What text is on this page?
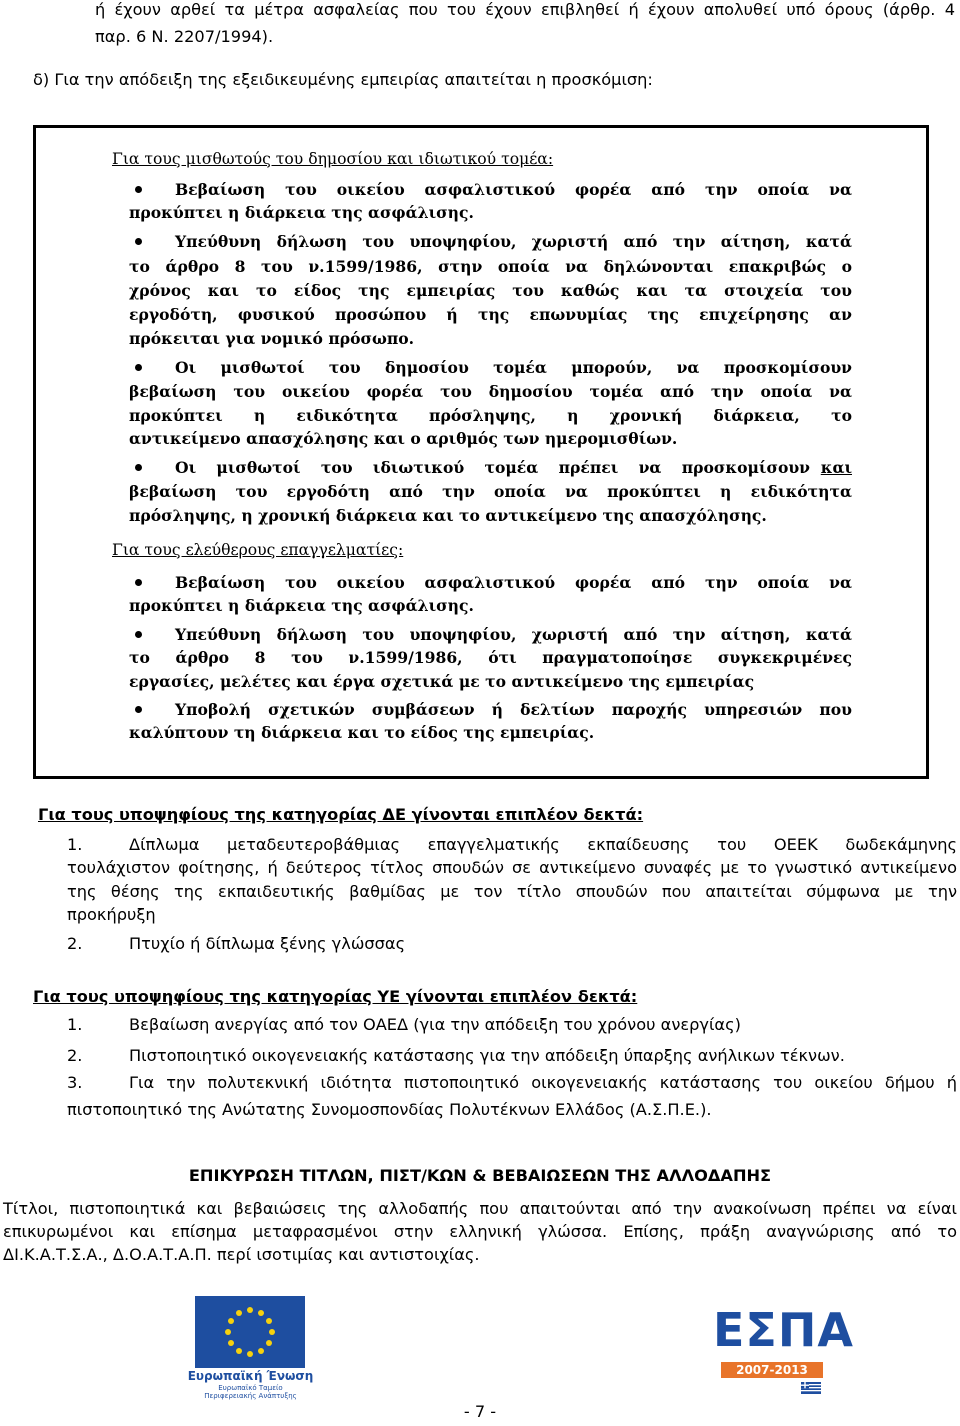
ή έχουν αρθεί τα μέτρα ασφαλείας που του έχουν επιβληθεί ή έχουν απολυθεί υπό όρους (άρθρ. 4
παρ. 6 Ν. 2207/1994).
δ) Για την απόδειξη της εξειδικευμένης εμπειρίας απαιτείται η προσκόμιση:
Για τους μισθωτούς του δημοσίου και ιδιωτικού τομέα:
Βεβαίωση του οικείου ασφαλιστικού φορέα από την οποία να
προκύπτει η διάρκεια της ασφάλισης.
Υπεύθυνη δήλωση του υποψηφίου, χωριστή από την αίτηση, κατά
το άρθρο 8 του ν.1599/1986, στην οποία να δηλώνονται επακριβώς ο
χρόνος και το είδος της εμπειρίας του καθώς και τα στοιχεία του
εργοδότη, φυσικού προσώπου ή της επωνυμίας της επιχείρησης αν
πρόκειται για νομικό πρόσωπο.
Οι μισθωτοί του δημοσίου τομέα μπορούν, να προσκομίσουν
βεβαίωση του οικείου φορέα του δημοσίου τομέα από την οποία να
προκύπτει η ειδικότητα πρόσληψης, η χρονική διάρκεια, το
αντικείμενο απασχόλησης και ο αριθμός των ημερομισθίων.
Οι μισθωτοί του ιδιωτικού τομέα πρέπει να προσκομίσουν και
βεβαίωση του εργοδότη από την οποία να προκύπτει η ειδικότητα
πρόσληψης, η χρονική διάρκεια και το αντικείμενο της απασχόλησης.
Για τους ελεύθερους επαγγελματίες:
Βεβαίωση του οικείου ασφαλιστικού φορέα από την οποία να
προκύπτει η διάρκεια της ασφάλισης.
Υπεύθυνη δήλωση του υποψηφίου, χωριστή από την αίτηση, κατά
το άρθρο 8 του ν.1599/1986, ότι πραγματοποίησε συγκεκριμένες
εργασίες, μελέτες και έργα σχετικά με το αντικείμενο της εμπειρίας
Υποβολή σχετικών συμβάσεων ή δελτίων παροχής υπηρεσιών που
καλύπτουν τη διάρκεια και το είδος της εμπειρίας.
Για τους υποψηφίους της κατηγορίας ΔΕ γίνονται επιπλέον δεκτά:
1.	Δίπλωμα μεταδευτεροβάθμιας επαγγελματικής εκπαίδευσης του ΟΕΕΚ δωδεκάμηνης
τουλάχιστον φοίτησης, ή δεύτερος τίτλος σπουδών σε αντικείμενο συναφές με το γνωστικό αντικείμενο
της θέσης της εκπαιδευτικής βαθμίδας με τον τίτλο σπουδών που απαιτείται σύμφωνα με την
προκήρυξη
2.	Πτυχίο ή δίπλωμα ξένης γλώσσας
Για τους υποψηφίους της κατηγορίας ΥΕ γίνονται επιπλέον δεκτά:
1.	Βεβαίωση ανεργίας από τον ΟΑΕΔ (για την απόδειξη του χρόνου ανεργίας)
2.	Πιστοποιητικό οικογενειακής κατάστασης για την απόδειξη ύπαρξης ανήλικων τέκνων.
3.	Για την πολυτεκνική ιδιότητα πιστοποιητικό οικογενειακής κατάστασης του οικείου δήμου ή
πιστοποιητικό της Ανώτατης Συνομοσπονδίας Πολυτέκνων Ελλάδος (Α.Σ.Π.Ε.).
ΕΠΙΚΥΡΩΣΗ ΤΙΤΛΩΝ, ΠΙΣΤ/ΚΩΝ & ΒΕΒΑΙΩΣΕΩΝ ΤΗΣ ΑΛΛΟΔΑΠΗΣ
Τίτλοι, πιστοποιητικά και βεβαιώσεις της αλλοδαπής που απαιτούνται από την ανακοίνωση πρέπει να είναι
επικυρωμένοι και επίσημα μεταφρασμένοι στην ελληνική γλώσσα. Επίσης, πράξη αναγνώρισης από το
ΔΙ.Κ.Α.Τ.Σ.Α., Δ.Ο.Α.Τ.Α.Π. περί ισοτιμίας και αντιστοιχίας.
Ευρωπαϊκή Ένωση
Ευρωπαϊκό Ταμείο
Περιφερειακής Ανάπτυξης
ΕΣΠΑ
2007-2013
- 7 -
